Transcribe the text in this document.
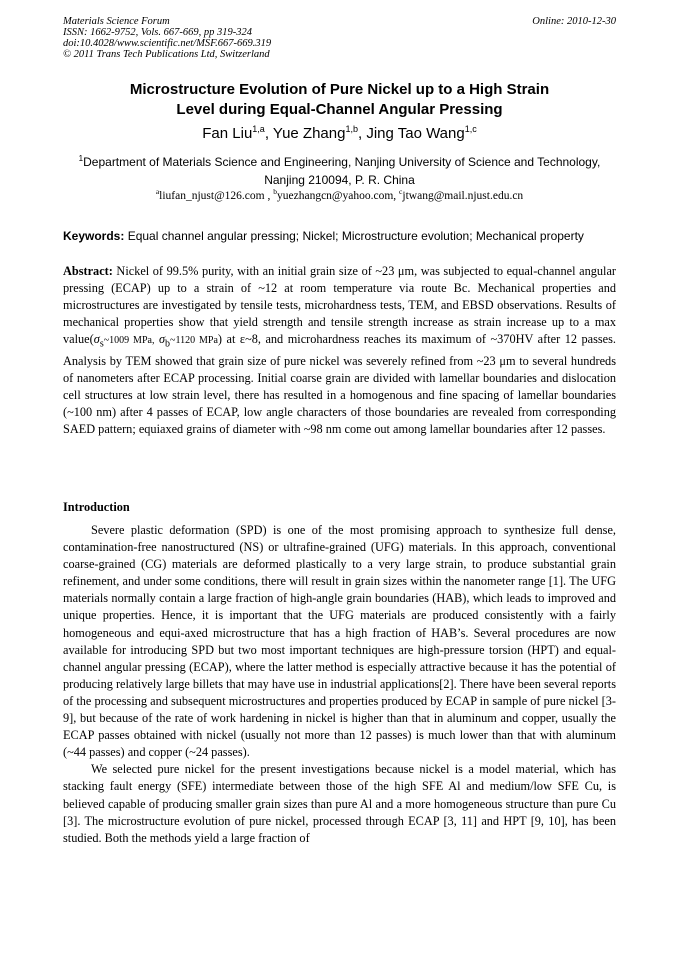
Materials Science Forum
ISSN: 1662-9752, Vols. 667-669, pp 319-324
doi:10.4028/www.scientific.net/MSF.667-669.319
© 2011 Trans Tech Publications Ltd, Switzerland
Online: 2010-12-30
Microstructure Evolution of Pure Nickel up to a High Strain
Level during Equal-Channel Angular Pressing
Fan Liu$^{1,a}$, Yue Zhang$^{1,b}$, Jing Tao Wang$^{1,c}$
$^1$Department of Materials Science and Engineering, Nanjing University of Science and Technology,
Nanjing 210094, P. R. China
$^a$liufan_njust@126.com , $^b$yuezhangcn@yahoo.com, $^c$jtwang@mail.njust.edu.cn
Keywords: Equal channel angular pressing; Nickel; Microstructure evolution; Mechanical property
Abstract: Nickel of 99.5% purity, with an initial grain size of ~23 μm, was subjected to equal-channel angular pressing (ECAP) up to a strain of ~12 at room temperature via route Bc. Mechanical properties and microstructures are investigated by tensile tests, microhardness tests, TEM, and EBSD observations. Results of mechanical properties show that yield strength and tensile strength increase as strain increase up to a $\max value(\sigma_s\sim 1009$ MPa, $\sigma_b\sim 1120$ MPa) at ε~8, and microhardness reaches its maximum of ~370HV after 12 passes. Analysis by TEM showed that grain size of pure nickel was severely refined from ~23 μm to several hundreds of nanometers after ECAP processing. Initial coarse grain are divided with lamellar boundaries and dislocation cell structures at low strain level, there has resulted in a homogenous and fine spacing of lamellar boundaries (~100 nm) after 4 passes of ECAP, low angle characters of those boundaries are revealed from corresponding SAED pattern; equiaxed grains of diameter with ~98 nm come out among lamellar boundaries after 12 passes.
Introduction

Severe plastic deformation (SPD) is one of the most promising approach to synthesize full dense, contamination-free nanostructured (NS) or ultrafine-grained (UFG) materials. In this approach, conventional coarse-grained (CG) materials are deformed plastically to a very large strain, to produce substantial grain refinement, and under some conditions, there will result in grain sizes within the nanometer range [1]. The UFG materials normally contain a large fraction of high-angle grain boundaries (HAB), which leads to improved and unique properties. Hence, it is important that the UFG materials are produced consistently with a fairly homogeneous and equi-axed microstructure that has a high fraction of HAB’s. Several procedures are now available for introducing SPD but two most important techniques are high-pressure torsion (HPT) and equal-channel angular pressing (ECAP), where the latter method is especially attractive because it has the potential of producing relatively large billets that may have use in industrial applications[2]. There have been several reports of the processing and subsequent microstructures and properties produced by ECAP in sample of pure nickel [3-9], but because of the rate of work hardening in nickel is higher than that in aluminum and copper, usually the ECAP passes obtained with nickel (usually not more than 12 passes) is much lower than that with aluminum (~44 passes) and copper (~24 passes).

We selected pure nickel for the present investigations because nickel is a model material, which has stacking fault energy (SFE) intermediate between those of the high SFE Al and medium/low SFE Cu, is believed capable of producing smaller grain sizes than pure Al and a more homogeneous structure than pure Cu [3]. The microstructure evolution of pure nickel, processed through ECAP [3, 11] and HPT [9, 10], has been studied. Both the methods yield a large fraction of
